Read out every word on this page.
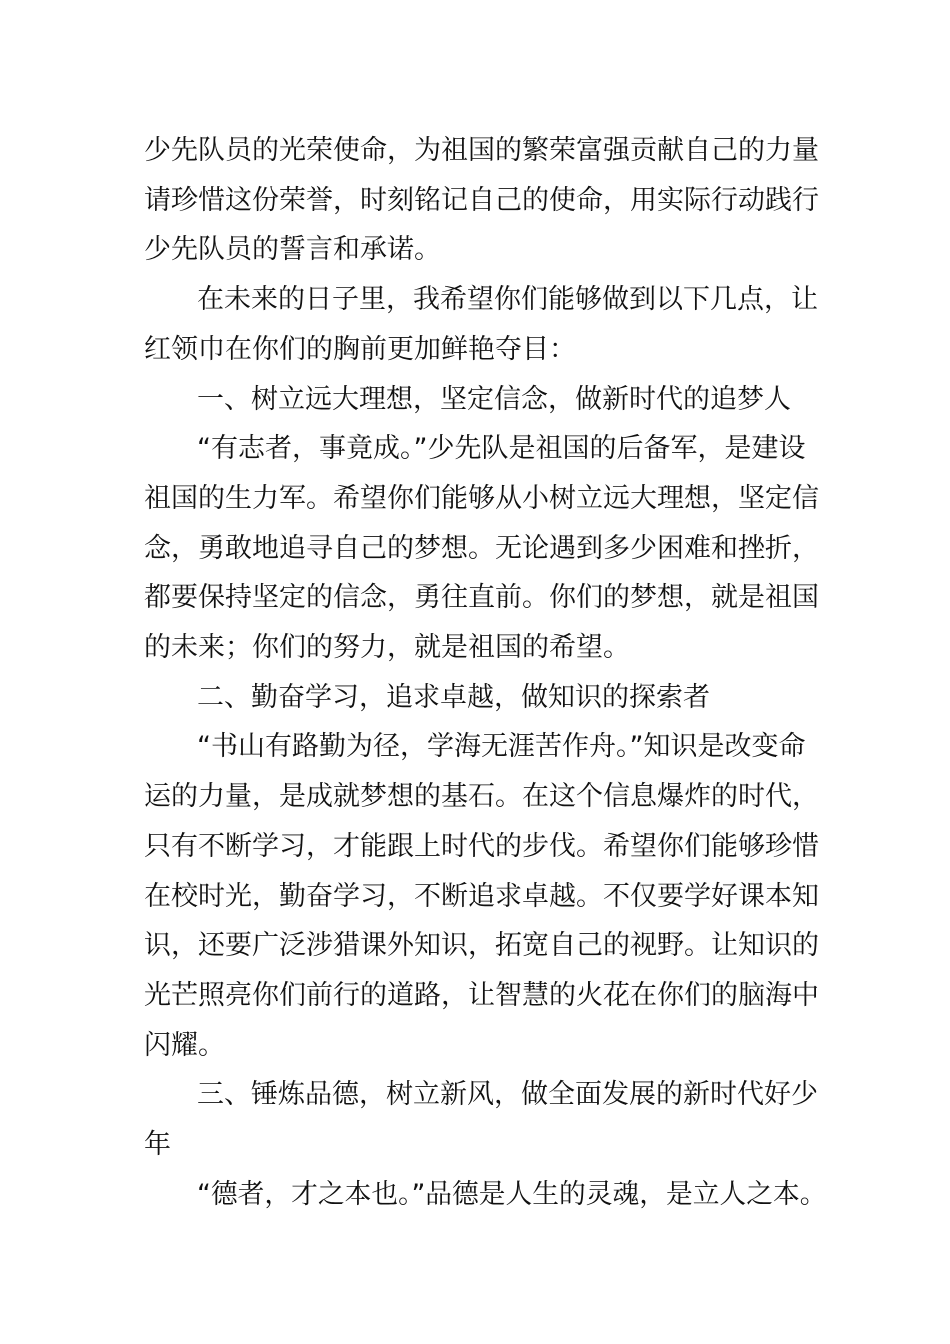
少先队员的光荣使命，为祖国的繁荣富强贡献自己的力量
请珍惜这份荣誉，时刻铭记自己的使命，用实际行动践行
少先队员的誓言和承诺。
在未来的日子里，我希望你们能够做到以下几点，让
红领巾在你们的胸前更加鲜艳夺目：
一、树立远大理想，坚定信念，做新时代的追梦人
“有志者，事竟成。”少先队是祖国的后备军，是建设
祖国的生力军。希望你们能够从小树立远大理想，坚定信
念，勇敢地追寻自己的梦想。无论遇到多少困难和挫折，
都要保持坚定的信念，勇往直前。你们的梦想，就是祖国
的未来；你们的努力，就是祖国的希望。
二、勤奋学习，追求卓越，做知识的探索者
“书山有路勤为径，学海无涯苦作舟。”知识是改变命
运的力量，是成就梦想的基石。在这个信息爆炸的时代，
只有不断学习，才能跟上时代的步伐。希望你们能够珍惜
在校时光，勤奋学习，不断追求卓越。不仅要学好课本知
识，还要广泛涉猎课外知识，拓宽自己的视野。让知识的
光芒照亮你们前行的道路，让智慧的火花在你们的脑海中
闪耀。
三、锤炼品德，树立新风，做全面发展的新时代好少
年
“德者，才之本也。”品德是人生的灵魂，是立人之本。
